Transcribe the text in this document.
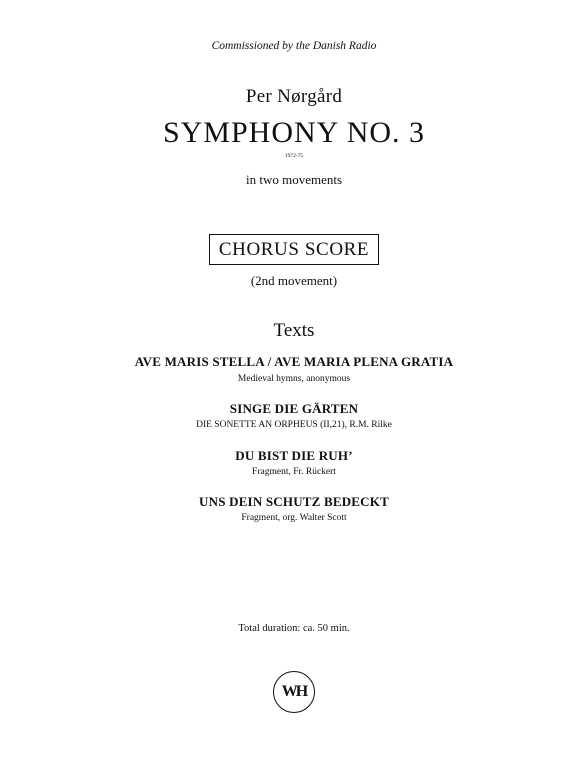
Commissioned by the Danish Radio
Per Nørgård
SYMPHONY NO. 3
1972-75
in two movements
CHORUS SCORE
(2nd movement)
Texts
AVE MARIS STELLA / AVE MARIA PLENA GRATIA
Medieval hymns, anonymous
SINGE DIE GÄRTEN
DIE SONETTE AN ORPHEUS (II,21), R.M. Rilke
DU BIST DIE RUH’
Fragment, Fr. Rückert
UNS DEIN SCHUTZ BEDECKT
Fragment, org. Walter Scott
Total duration: ca. 50 min.
WH
